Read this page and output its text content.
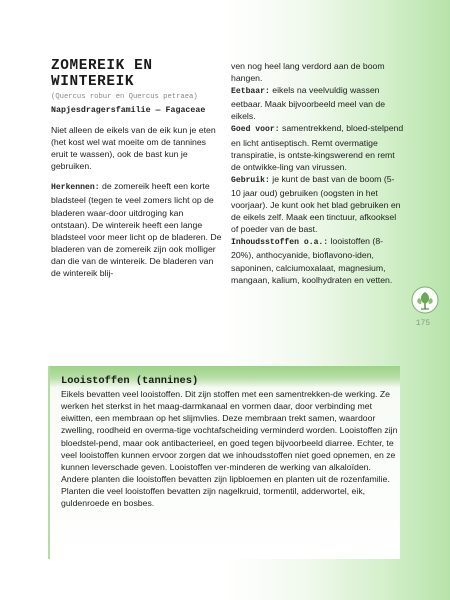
ZOMEREIK EN
WINTEREIK
(Quercus robur en Quercus petraea)
Napjesdragersfamilie — Fagaceae

Niet alleen de eikels van de eik kun je eten (het kost wel wat moeite om de tannines eruit te wassen), ook de bast kun je gebruiken.

Herkennen: de zomereik heeft een korte bladsteel (tegen te veel zomers licht op de bladeren waar-door uitdroging kan ontstaan). De wintereik heeft een lange bladsteel voor meer licht op de bladeren. De bladeren van de zomereik zijn ook molliger dan die van de wintereik. De bladeren van de wintereik blij-

ven nog heel lang verdord aan de boom hangen.

Eetbaar: eikels na veelvuldig wassen eetbaar. Maak bijvoorbeeld meel van de eikels.

Goed voor: samentrekkend, bloed-stelpend en licht antiseptisch. Remt overmatige transpiratie, is ontste-kingswerend en remt de ontwikke-ling van virussen.

Gebruik: je kunt de bast van de boom (5-10 jaar oud) gebruiken (oogsten in het voorjaar). Je kunt ook het blad gebruiken en de eikels zelf. Maak een tinctuur, afkooksel of poeder van de bast.

Inhoudsstoffen o.a.: looistoffen (8-20%), anthocyanide, bioflavono-iden, saponinen, calciumoxalaat, magnesium, mangaan, kalium, koolhydraten en vetten.

175
Looistoffen (tannines)

Eikels bevatten veel looistoffen. Dit zijn stoffen met een samentrekken-de werking. Ze werken het sterkst in het maag-darmkanaal en vormen daar, door verbinding met eiwitten, een membraan op het slijmvlies. Deze membraan trekt samen, waardoor zwelling, roodheid en overma-tige vochtafscheiding verminderd worden. Looistoffen zijn bloedstel-pend, maar ook antibacterieel, en goed tegen bijvoorbeeld diarree. Echter, te veel looistoffen kunnen ervoor zorgen dat we inhoudsstoffen niet goed opnemen, en ze kunnen leverschade geven. Looistoffen ver-minderen de werking van alkaloïden. Andere planten die looistoffen bevatten zijn lipbloemen en planten uit de rozenfamilie. Planten die veel looistoffen bevatten zijn nagelkruid, tormentil, adderwortel, eik, guldenroede en bosbes.
